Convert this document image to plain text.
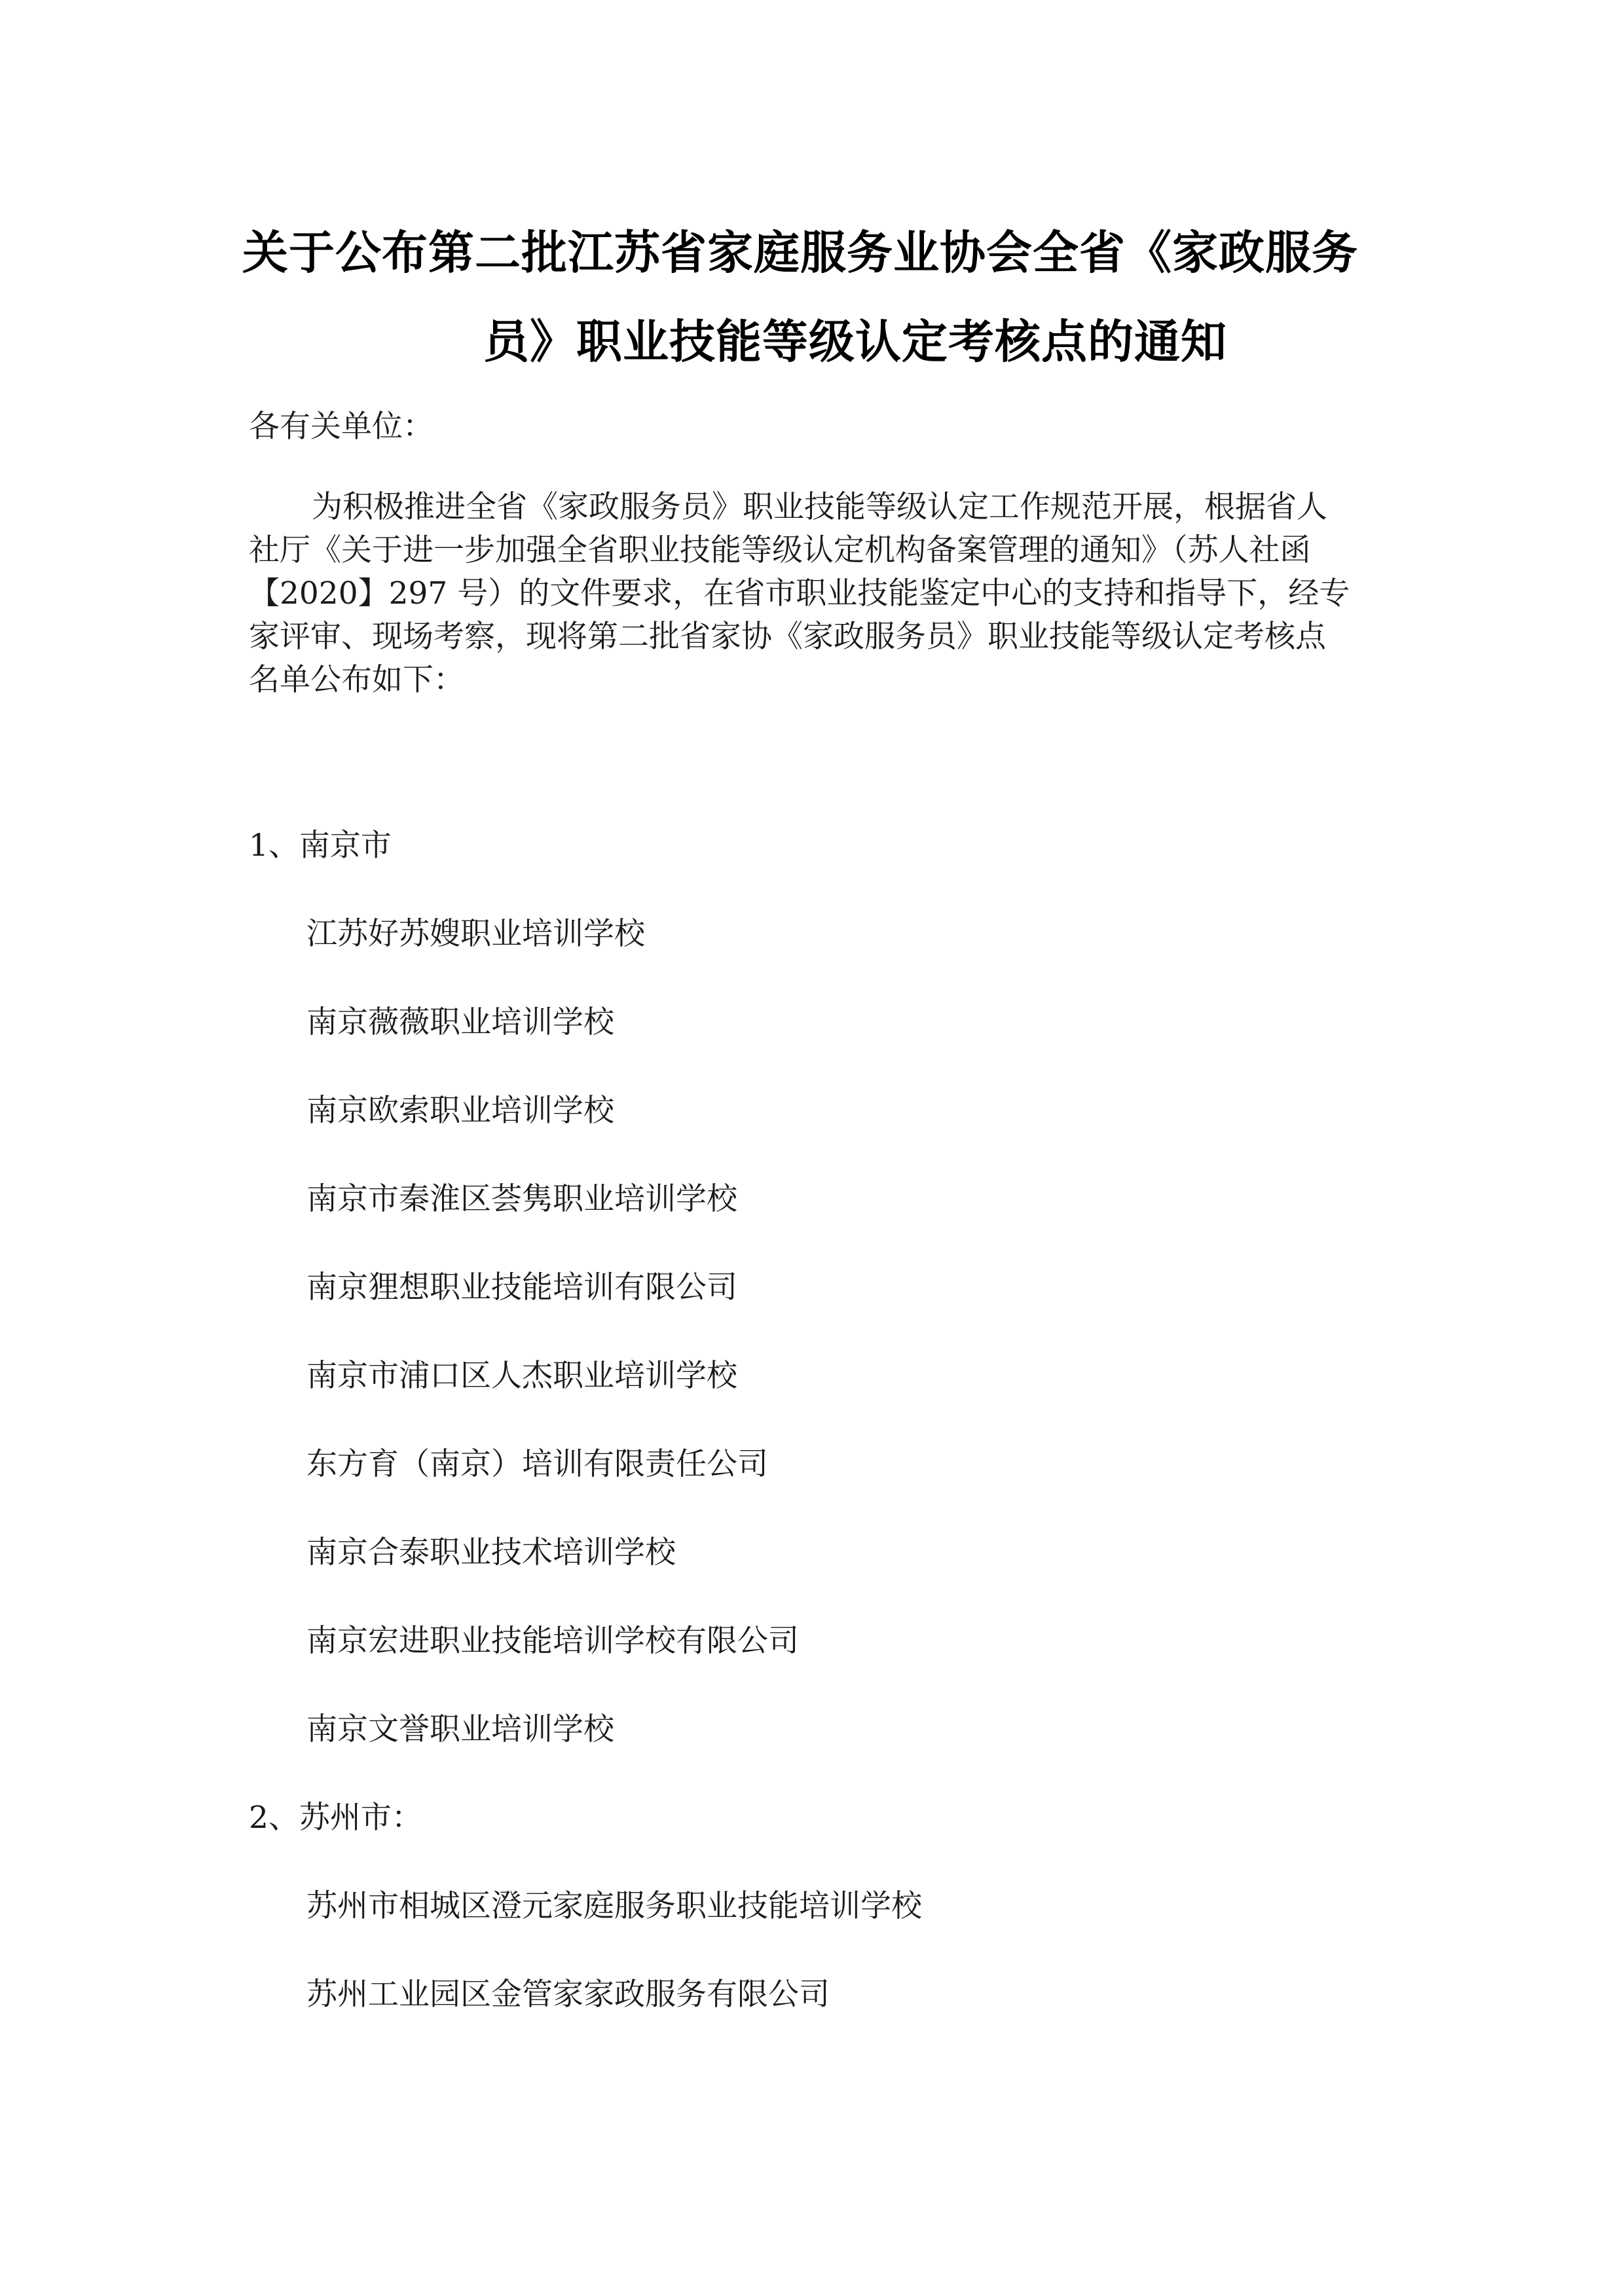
关于公布第二批江苏省家庭服务业协会全省《家政服务
员》职业技能等级认定考核点的通知
各有关单位：
为积极推进全省《家政服务员》职业技能等级认定工作规范开展，根据省人
社厅《关于进一步加强全省职业技能等级认定机构备案管理的通知》（苏人社函
【2020】297 号）的文件要求，在省市职业技能鉴定中心的支持和指导下，经专
家评审、现场考察，现将第二批省家协《家政服务员》职业技能等级认定考核点
名单公布如下：
1、南京市
江苏好苏嫂职业培训学校
南京薇薇职业培训学校
南京欧索职业培训学校
南京市秦淮区荟隽职业培训学校
南京狸想职业技能培训有限公司
南京市浦口区人杰职业培训学校
东方育（南京）培训有限责任公司
南京合泰职业技术培训学校
南京宏进职业技能培训学校有限公司
南京文誉职业培训学校
2、苏州市：
苏州市相城区澄元家庭服务职业技能培训学校
苏州工业园区金管家家政服务有限公司
